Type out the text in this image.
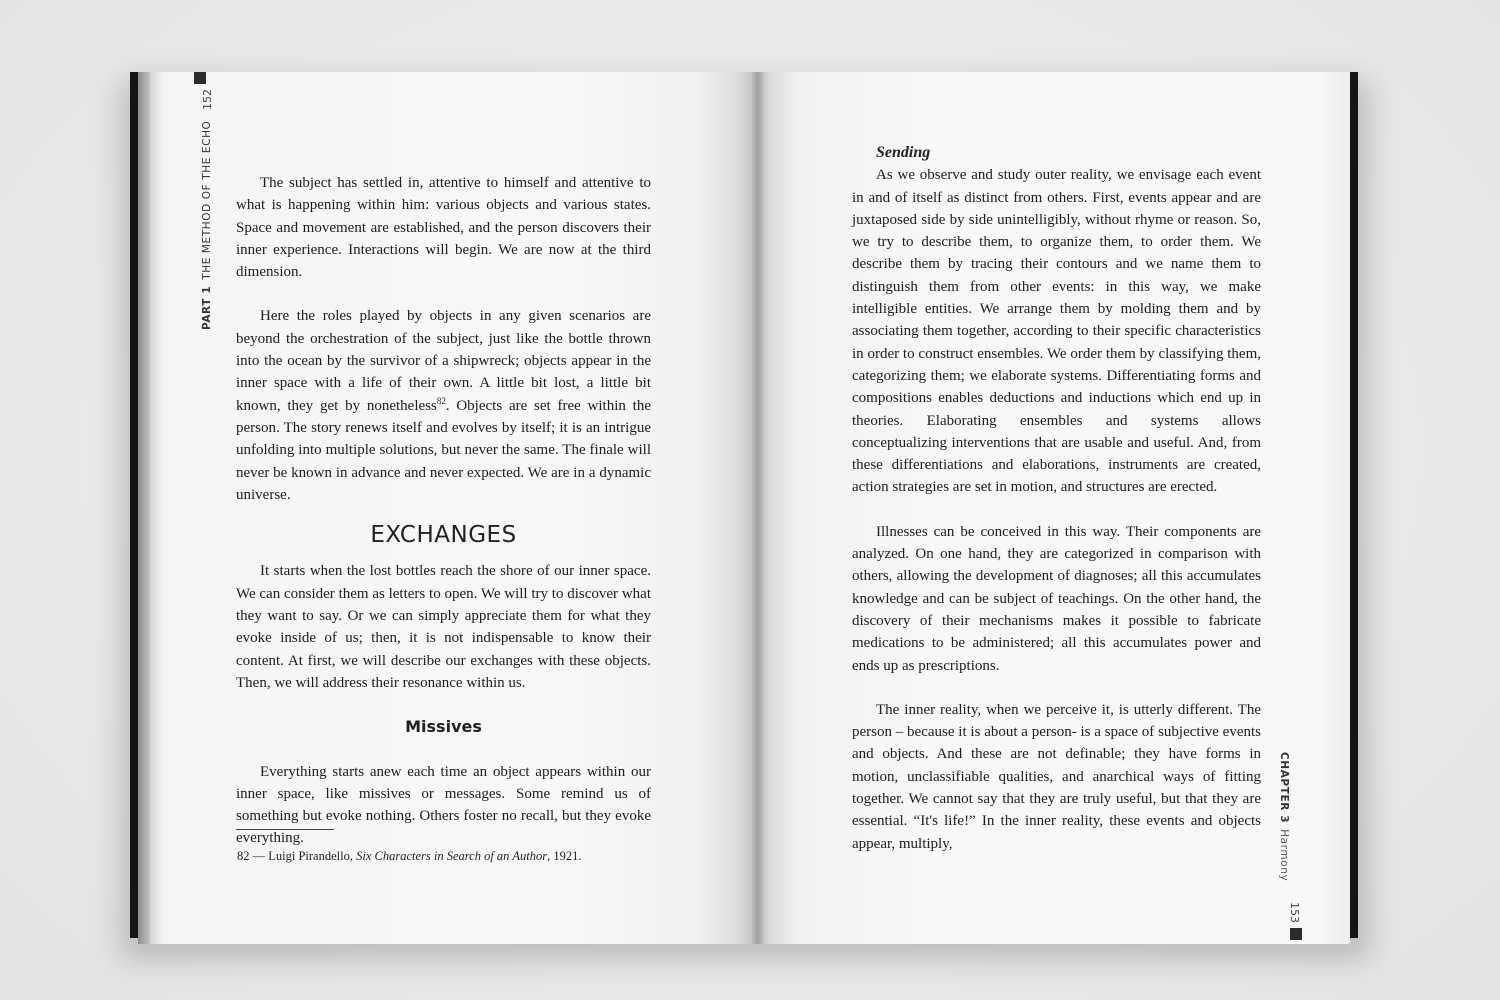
152
PART 1THE METHOD OF THE ECHO
153
CHAPTER 3Harmony

The subject has settled in, attentive to himself and attentive to what is happening within him: various objects and various states. Space and movement are established, and the person discovers their inner experience. Interactions will begin. We are now at the third dimension.

Here the roles played by objects in any given scenarios are beyond the orchestration of the subject, just like the bottle thrown into the ocean by the survivor of a shipwreck; objects appear in the inner space with a life of their own. A little bit lost, a little bit known, they get by nonetheless$^{82}$. Objects are set free within the person. The story renews itself and evolves by itself; it is an intrigue unfolding into multiple solutions, but never the same. The finale will never be known in advance and never expected. We are in a dynamic universe.

EXCHANGES

It starts when the lost bottles reach the shore of our inner space. We can consider them as letters to open. We will try to discover what they want to say. Or we can simply appreciate them for what they evoke inside of us; then, it is not indispensable to know their content. At first, we will describe our exchanges with these objects. Then, we will address their resonance within us.

Missives

Everything starts anew each time an object appears within our inner space, like missives or messages. Some remind us of something but evoke nothing. Others foster no recall, but they evoke everything.

82 — Luigi Pirandello, Six Characters in Search of an Author, 1921.
Sending

As we observe and study outer reality, we envisage each event in and of itself as distinct from others. First, events appear and are juxtaposed side by side unintelligibly, without rhyme or reason. So, we try to describe them, to organize them, to order them. We describe them by tracing their contours and we name them to distinguish them from other events: in this way, we make intelligible entities. We arrange them by molding them and by associating them together, according to their specific characteristics in order to construct ensembles. We order them by classifying them, categorizing them; we elaborate systems. Differentiating forms and compositions enables deductions and inductions which end up in theories. Elaborating ensembles and systems allows conceptualizing interventions that are usable and useful. And, from these differentiations and elaborations, instruments are created, action strategies are set in motion, and structures are erected.

Illnesses can be conceived in this way. Their components are analyzed. On one hand, they are categorized in comparison with others, allowing the development of diagnoses; all this accumulates knowledge and can be subject of teachings. On the other hand, the discovery of their mechanisms makes it possible to fabricate medications to be administered; all this accumulates power and ends up as prescriptions.

The inner reality, when we perceive it, is utterly different. The person – because it is about a person- is a space of subjective events and objects. And these are not definable; they have forms in motion, unclassifiable qualities, and anarchical ways of fitting together. We cannot say that they are truly useful, but that they are essential. “It's life!” In the inner reality, these events and objects appear, multiply,
